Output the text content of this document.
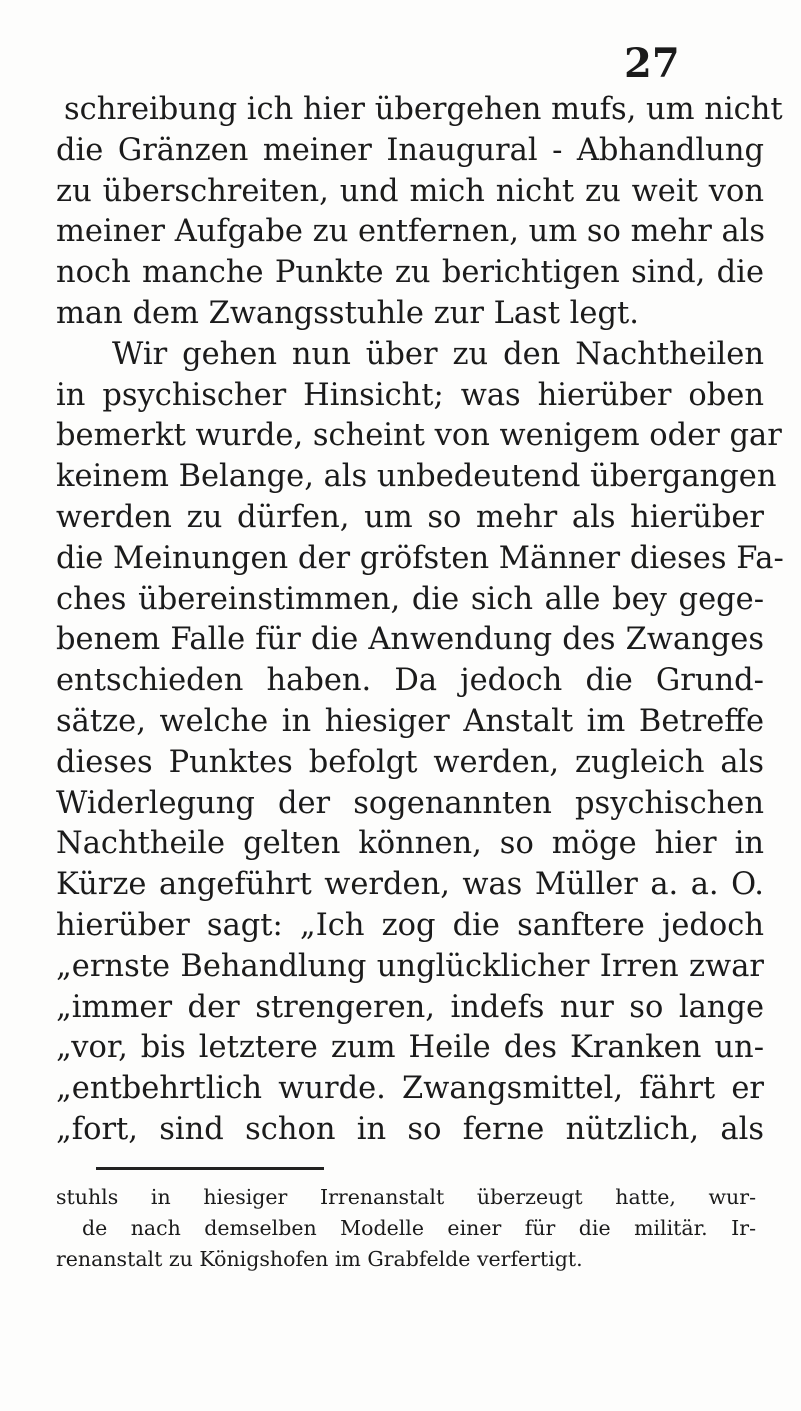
27
schreibung ich hier übergehen mufs, um nicht
die Gränzen meiner Inaugural - Abhandlung
zu überschreiten, und mich nicht zu weit von
meiner Aufgabe zu entfernen, um so mehr als
noch manche Punkte zu berichtigen sind, die
man dem Zwangsstuhle zur Last legt.
Wir gehen nun über zu den Nachtheilen
in psychischer Hinsicht; was hierüber oben
bemerkt wurde, scheint von wenigem oder gar
keinem Belange, als unbedeutend übergangen
werden zu dürfen, um so mehr als hierüber
die Meinungen der gröfsten Männer dieses Fa-
ches übereinstimmen, die sich alle bey gege-
benem Falle für die Anwendung des Zwanges
entschieden haben. Da jedoch die Grund-
sätze, welche in hiesiger Anstalt im Betreffe
dieses Punktes befolgt werden, zugleich als
Widerlegung der sogenannten psychischen
Nachtheile gelten können, so möge hier in
Kürze angeführt werden, was Müller a. a. O.
hierüber sagt: „Ich zog die sanftere jedoch
„ernste Behandlung unglücklicher Irren zwar
„immer der strengeren, indefs nur so lange
„vor, bis letztere zum Heile des Kranken un-
„entbehrtlich wurde. Zwangsmittel, fährt er
„fort, sind schon in so ferne nützlich, als
stuhls in hiesiger Irrenanstalt überzeugt hatte, wur-
de nach demselben Modelle einer für die militär. Ir-
renanstalt zu Königshofen im Grabfelde verfertigt.
